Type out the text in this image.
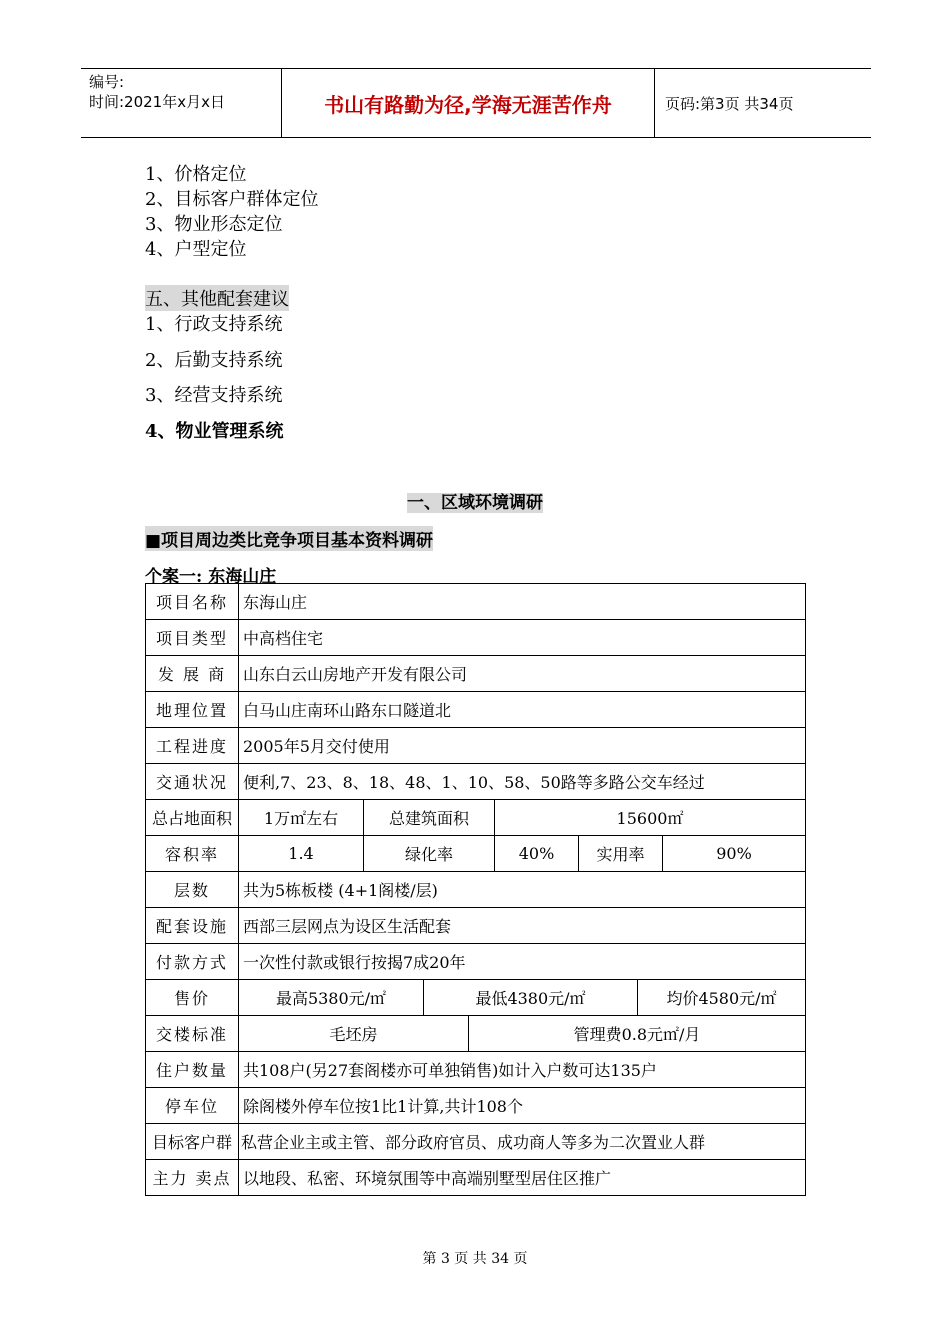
编号:
时间:2021年x月x日	书山有路勤为径,学海无涯苦作舟	页码:第3页 共34页
1、价格定位
2、目标客户群体定位
3、物业形态定位
4、户型定位
五、其他配套建议
1、行政支持系统
2、后勤支持系统
3、经营支持系统
4、物业管理系统
一、区域环境调研
■项目周边类比竞争项目基本资料调研
个案一: 东海山庄
项目名称	东海山庄
项目类型	中高档住宅
发 展 商	山东白云山房地产开发有限公司
地理位置	白马山庄南环山路东口隧道北
工程进度	2005年5月交付使用
交通状况	便利,7、23、8、18、48、1、10、58、50路等多路公交车经过
总占地面积	1万㎡左右	总建筑面积	15600㎡

容积率		1.4	绿化率	40%	实用率	90%

层数	共为5栋板楼 (4+1阁楼/层)
配套设施	西部三层网点为设区生活配套
付款方式	一次性付款或银行按揭7成20年
售价		最高5380元/㎡	最低4380元/㎡	均价4580元/㎡

交楼标准		毛坯房	管理费0.8元㎡/月

住户数量	共108户(另27套阁楼亦可单独销售)如计入户数可达135户
停车位	除阁楼外停车位按1比1计算,共计108个
目标客户群	私营企业主或主管、部分政府官员、成功商人等多为二次置业人群
主力 卖点	以地段、私密、环境氛围等中高端别墅型居住区推广
第 3 页 共 34 页
